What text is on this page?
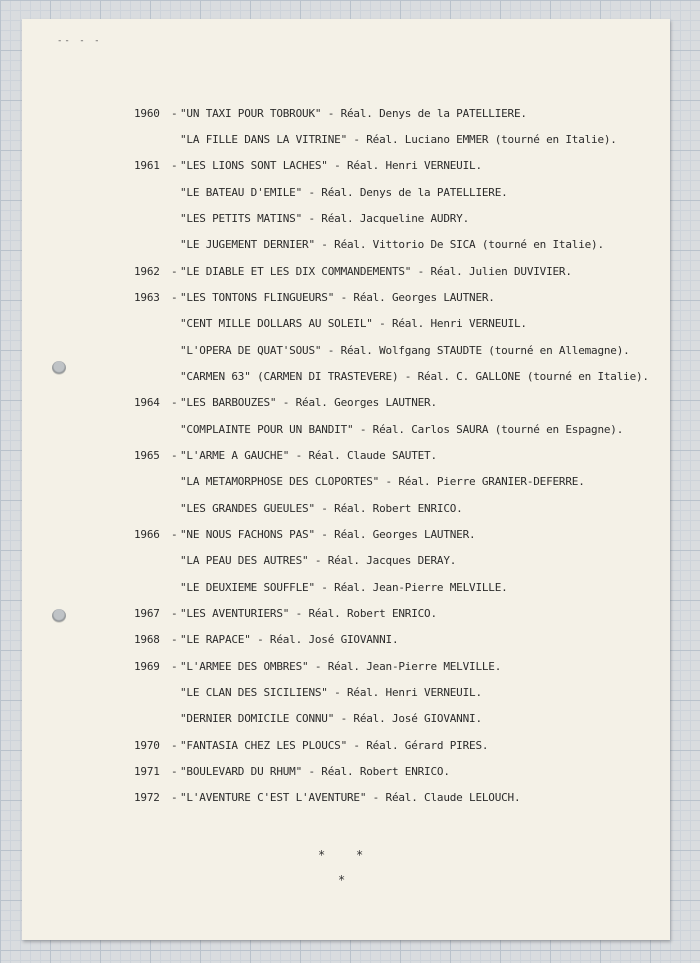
-- - -
1960 - "UN TAXI POUR TOBROUK" - Réal. Denys de la PATELLIERE.
"LA FILLE DANS LA VITRINE" - Réal. Luciano EMMER (tourné en Italie).
1961 - "LES LIONS SONT LACHES" - Réal. Henri VERNEUIL.
"LE BATEAU D'EMILE" - Réal. Denys de la PATELLIERE.
"LES PETITS MATINS" - Réal. Jacqueline AUDRY.
"LE JUGEMENT DERNIER" - Réal. Vittorio De SICA (tourné en Italie).
1962 - "LE DIABLE ET LES DIX COMMANDEMENTS" - Réal. Julien DUVIVIER.
1963 - "LES TONTONS FLINGUEURS" - Réal. Georges LAUTNER.
"CENT MILLE DOLLARS AU SOLEIL" - Réal. Henri VERNEUIL.
"L'OPERA DE QUAT'SOUS" - Réal. Wolfgang STAUDTE (tourné en Allemagne).
"CARMEN 63" (CARMEN DI TRASTEVERE) - Réal. C. GALLONE (tourné en Italie).
1964 - "LES BARBOUZES" - Réal. Georges LAUTNER.
"COMPLAINTE POUR UN BANDIT" - Réal. Carlos SAURA (tourné en Espagne).
1965 - "L'ARME A GAUCHE" - Réal. Claude SAUTET.
"LA METAMORPHOSE DES CLOPORTES" - Réal. Pierre GRANIER-DEFERRE.
"LES GRANDES GUEULES" - Réal. Robert ENRICO.
1966 - "NE NOUS FACHONS PAS" - Réal. Georges LAUTNER.
"LA PEAU DES AUTRES" - Réal. Jacques DERAY.
"LE DEUXIEME SOUFFLE" - Réal. Jean-Pierre MELVILLE.
1967 - "LES AVENTURIERS" - Réal. Robert ENRICO.
1968 - "LE RAPACE" - Réal. José GIOVANNI.
1969 - "L'ARMEE DES OMBRES" - Réal. Jean-Pierre MELVILLE.
"LE CLAN DES SICILIENS" - Réal. Henri VERNEUIL.
"DERNIER DOMICILE CONNU" - Réal. José GIOVANNI.
1970 - "FANTASIA CHEZ LES PLOUCS" - Réal. Gérard PIRES.
1971 - "BOULEVARD DU RHUM" - Réal. Robert ENRICO.
1972 - "L'AVENTURE C'EST L'AVENTURE" - Réal. Claude LELOUCH.
*	*
*
